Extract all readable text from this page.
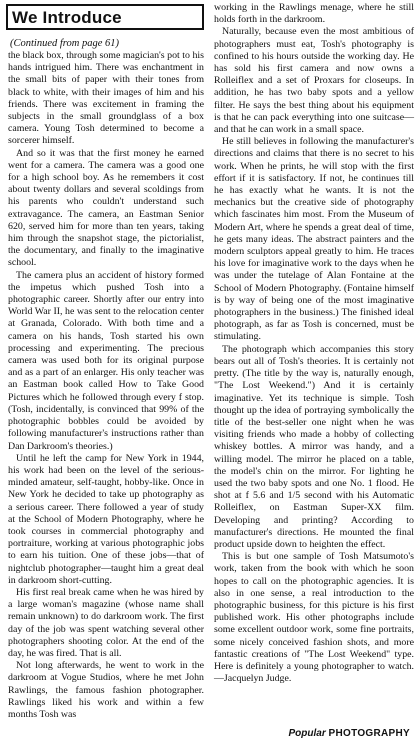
We Introduce
(Continued from page 61)

the black box, through some magician's pot to his hands intrigued him. There was enchantment in the small bits of paper with their tones from black to white, with their images of him and his friends. There was excitement in framing the subjects in the small groundglass of a box camera. Young Tosh determined to become a sorcerer himself.

And so it was that the first money he earned went for a camera. The camera was a good one for a high school boy. As he remembers it cost about twenty dollars and several scoldings from his parents who couldn't understand such extravagance. The camera, an Eastman Senior 620, served him for more than ten years, taking him through the snapshot stage, the pictorialist, the documentary, and finally to the imaginative school.

The camera plus an accident of history formed the impetus which pushed Tosh into a photographic career. Shortly after our entry into World War II, he was sent to the relocation center at Granada, Colorado. With both time and a camera on his hands, Tosh started his own processing and experimenting. The precious camera was used both for its original purpose and as a part of an enlarger. His only teacher was an Eastman book called How to Take Good Pictures which he followed through every f stop. (Tosh, incidentally, is convinced that 99% of the photographic bobbles could be avoided by following manufacturer's instructions rather than Dan Darkroom's theories.)

Until he left the camp for New York in 1944, his work had been on the level of the serious-minded amateur, self-taught, hobby-like. Once in New York he decided to take up photography as a serious career. There followed a year of study at the School of Modern Photography, where he took courses in commercial photography and portraiture, working at various photographic jobs to earn his tuition. One of these jobs—that of nightclub photographer—taught him a great deal in darkroom short-cutting.

His first real break came when he was hired by a large woman's magazine (whose name shall remain unknown) to do darkroom work. The first day of the job was spent watching several other photographers shooting color. At the end of the day, he was fired. That is all.

Not long afterwards, he went to work in the darkroom at Vogue Studios, where he met John Rawlings, the famous fashion photographer. Rawlings liked his work and within a few months Tosh was

working in the Rawlings menage, where he still holds forth in the darkroom.

Naturally, because even the most ambitious of photographers must eat, Tosh's photography is confined to his hours outside the working day. He has sold his first camera and now owns a Rolleiflex and a set of Proxars for closeups. In addition, he has two baby spots and a yellow filter. He says the best thing about his equipment is that he can pack everything into one suitcase—and that he can work in a small space.

He still believes in following the manufacturer's directions and claims that there is no secret to his work. When he prints, he will stop with the first effort if it is satisfactory. If not, he continues till he has exactly what he wants. It is not the mechanics but the creative side of photography which fascinates him most. From the Museum of Modern Art, where he spends a great deal of time, he gets many ideas. The abstract painters and the modern sculptors appeal greatly to him. He traces his love for imaginative work to the days when he was under the tutelage of Alan Fontaine at the School of Modern Photography. (Fontaine himself is by way of being one of the most imaginative photographers in the business.) The finished ideal photograph, as far as Tosh is concerned, must be stimulating.

The photograph which accompanies this story bears out all of Tosh's theories. It is certainly not pretty. (The title by the way is, naturally enough, "The Lost Weekend.") And it is certainly imaginative. Yet its technique is simple. Tosh thought up the idea of portraying symbolically the title of the best-seller one night when he was visiting friends who made a hobby of collecting whiskey bottles. A mirror was handy, and a willing model. The mirror he placed on a table, the model's chin on the mirror. For lighting he used the two baby spots and one No. 1 flood. He shot at f 5.6 and 1/5 second with his Automatic Rolleiflex, on Eastman Super-XX film. Developing and printing? According to manufacturer's directions. He mounted the final product upside down to heighten the effect.

This is but one sample of Tosh Matsumoto's work, taken from the book with which he soon hopes to call on the photographic agencies. It is also in one sense, a real introduction to the photographic business, for this picture is his first published work. His other photographs include some excellent outdoor work, some fine portraits, some nicely conceived fashion shots, and more fantastic creations of "The Lost Weekend" type. Here is definitely a young photographer to watch.—Jacquelyn Judge.

Popular PHOTOGRAPHY
